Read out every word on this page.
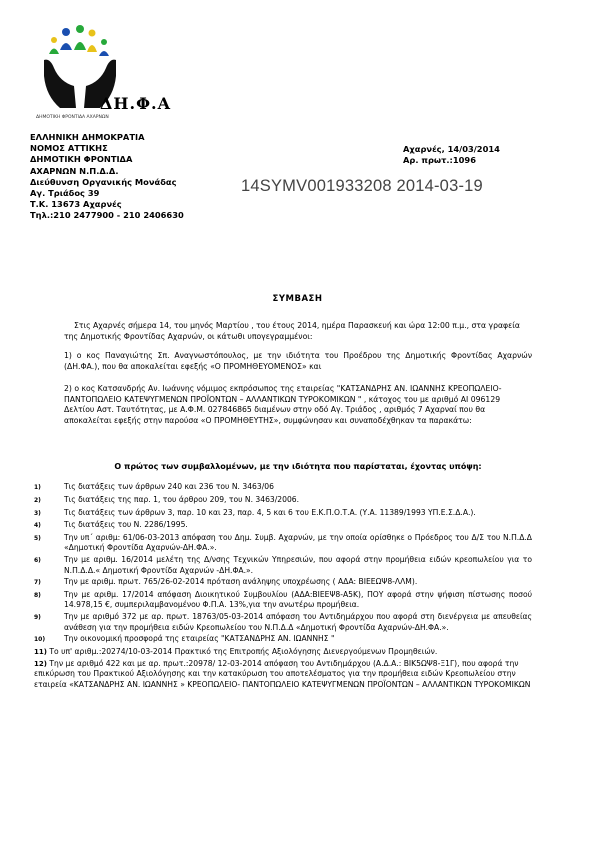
ΔΗ.Φ.Α
ΔΗΜΟΤΙΚΗ ΦΡΟΝΤΙΔΑ ΑΧΑΡΝΩΝ
ΕΛΛΗΝΙΚΗ ΔΗΜΟΚΡΑΤΙΑ
ΝΟΜΟΣ ΑΤΤΙΚΗΣ
ΔΗΜΟΤΙΚΗ ΦΡΟΝΤΙΔΑ
ΑΧΑΡΝΩΝ Ν.Π.Δ.Δ.
Διεύθυνση Οργανικής Μονάδας
Αγ. Τριάδος 39
Τ.Κ. 13673 Αχαρνές
Τηλ.:210 2477900 - 210 2406630
Αχαρνές, 14/03/2014
Αρ. πρωτ.:1096
14SYMV001933208 2014-03-19
ΣΥΜΒΑΣΗ

Στις Αχαρνές σήμερα 14, του μηνός Μαρτίου , του έτους 2014, ημέρα Παρασκευή και ώρα 12:00 π.μ., στα γραφεία της Δημοτικής Φροντίδας Αχαρνών, οι κάτωθι υπογεγραμμένοι:

1) ο κος Παναγιώτης Σπ. Αναγνωστόπουλος, με την ιδιότητα του Προέδρου της Δημοτικής Φροντίδας Αχαρνών (ΔΗ.ΦΑ.), που θα αποκαλείται εφεξής «Ο ΠΡΟΜΗΘΕΥΟΜΕΝΟΣ» και

2) ο κος Κατσανδρής Αν. Ιωάννης νόμιμος εκπρόσωπος της εταιρείας "ΚΑΤΣΑΝΔΡΗΣ ΑΝ. ΙΩΑΝΝΗΣ ΚΡΕΟΠΩΛΕΙΟ- ΠΑΝΤΟΠΩΛΕΙΟ ΚΑΤΕΨΥΓΜΕΝΩΝ ΠΡΟΪΟΝΤΩΝ – ΑΛΛΑΝΤΙΚΩΝ ΤΥΡΟΚΟΜΙΚΩΝ " , κάτοχος του με αριθμό ΑΙ 096129 Δελτίου Αστ. Ταυτότητας, με Α.Φ.Μ. 027846865 διαμένων στην οδό Αγ. Τριάδος , αριθμός 7 Αχαρναί που θα αποκαλείται εφεξής στην παρούσα «Ο ΠΡΟΜΗΘΕΥΤΗΣ», συμφώνησαν και συναποδέχθηκαν τα παρακάτω:

Ο πρώτος των συμβαλλομένων, με την ιδιότητα που παρίσταται, έχοντας υπόψη:
1)	Τις διατάξεις των άρθρων 240 και 236 του Ν. 3463/06
2)	Τις διατάξεις της παρ. 1, του άρθρου 209, του Ν. 3463/2006.
3)	Τις διατάξεις των άρθρων 3, παρ. 10 και 23, παρ. 4, 5 και 6 του Ε.Κ.Π.Ο.Τ.Α. (Υ.Α. 11389/1993 ΥΠ.Ε.Σ.Δ.Α.).
4)	Τις διατάξεις του Ν. 2286/1995.
5)	Την υπ΄ αριθμ: 61/06-03-2013 απόφαση του Δημ. Συμβ. Αχαρνών, με την οποία ορίσθηκε ο Πρόεδρος του Δ/Σ του Ν.Π.Δ.Δ «Δημοτική Φροντίδα Αχαρνών-ΔΗ.ΦΑ.».
6)	Την με αριθμ. 16/2014 μελέτη της Δ/νσης Τεχνικών Υπηρεσιών, που αφορά στην προμήθεια ειδών κρεοπωλείου για το Ν.Π.Δ.Δ.« Δημοτική Φροντίδα Αχαρνών -ΔΗ.ΦΑ.».
7)	Την με αριθμ. πρωτ. 765/26-02-2014 πρόταση ανάληψης υποχρέωσης ( ΑΔΑ: ΒΙΕΕΩΨ8-ΛΛΜ).
8)	Την με αριθμ. 17/2014 απόφαση Διοικητικού Συμβουλίου (ΑΔΑ:ΒΙΕΕΨ8-Α5Κ), ΠΟΥ αφορά στην ψήφιση πίστωσης ποσού 14.978,15 €, συμπεριλαμβανομένου Φ.Π.Α. 13%,για την ανωτέρω προμήθεια.
9)	Την με αριθμό 372 με αρ. πρωτ. 18763/05-03-2014 απόφαση του Αντιδημάρχου που αφορά στη διενέργεια με απευθείας ανάθεση για την προμήθεια ειδών Κρεοπωλείου του Ν.Π.Δ.Δ «Δημοτική Φροντίδα Αχαρνών-ΔΗ.ΦΑ.».
10)	Την οικονομική προσφορά της εταιρείας "ΚΑΤΣΑΝΔΡΗΣ ΑΝ. ΙΩΑΝΝΗΣ "
11) Το υπ' αριθμ.:20274/10-03-2014 Πρακτικό της Επιτροπής Αξιολόγησης Διενεργούμενων Προμηθειών.
12) Την με αριθμό 422 και με αρ. πρωτ.:20978/ 12-03-2014 απόφαση του Αντιδημάρχου (Α.Δ.Α.: ΒΙΚ5ΩΨ8-Ξ1Γ), που αφορά την επικύρωση του Πρακτικού Αξιολόγησης και την κατακύρωση του αποτελέσματος για την προμήθεια ειδών Κρεοπωλείου στην εταιρεία «ΚΑΤΣΑΝΔΡΗΣ ΑΝ. ΙΩΑΝΝΗΣ » ΚΡΕΟΠΩΛΕΙΟ- ΠΑΝΤΟΠΩΛΕΙΟ ΚΑΤΕΨΥΓΜΕΝΩΝ ΠΡΟΪΟΝΤΩΝ – ΑΛΛΑΝΤΙΚΩΝ ΤΥΡΟΚΟΜΙΚΩΝ
